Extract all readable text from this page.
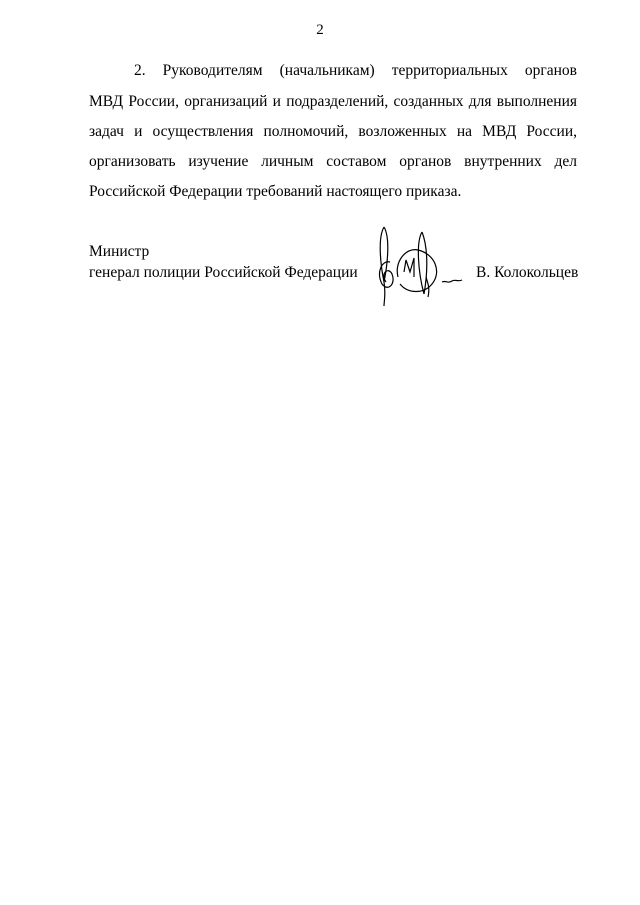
2
2. Руководителям (начальникам) территориальных органов
МВД России, организаций и подразделений, созданных для выполнения
задач и осуществления полномочий, возложенных на МВД России,
организовать изучение личным составом органов внутренних дел
Российской Федерации требований настоящего приказа.
Министр
генерал полиции Российской Федерации	В. Колокольцев
